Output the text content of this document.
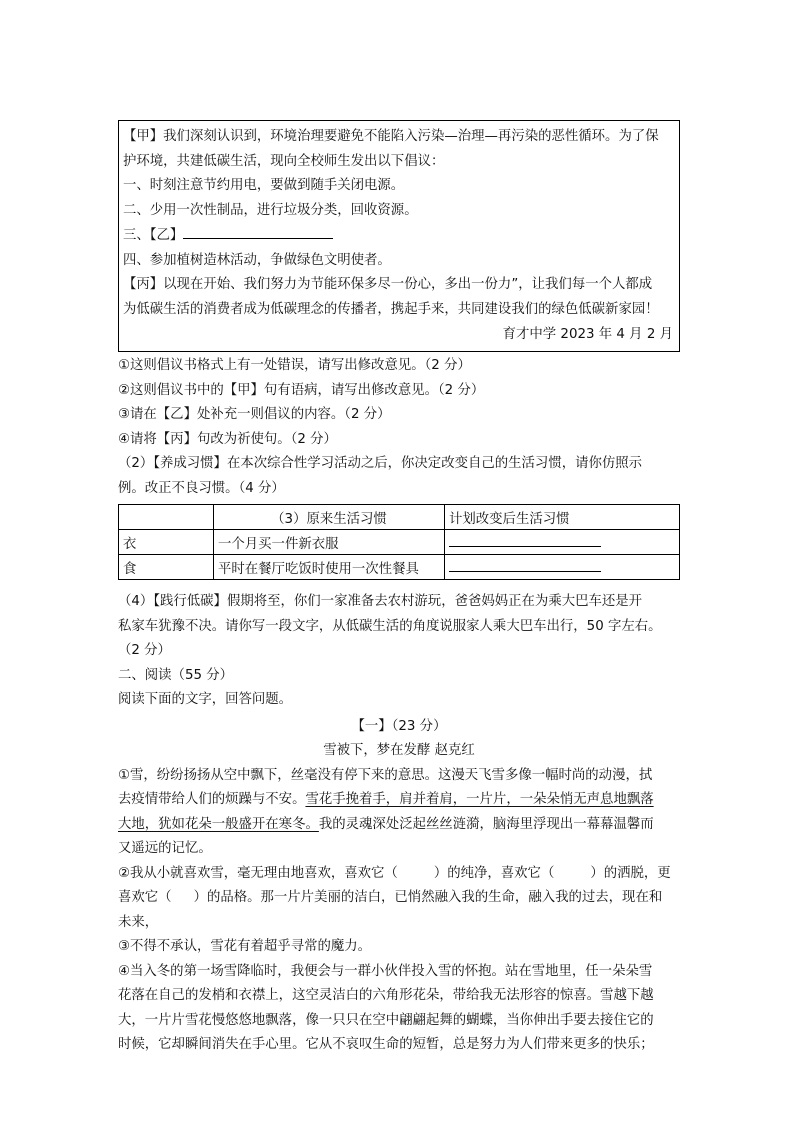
【甲】我们深刻认识到，环境治理要避免不能陷入污染—治理—再污染的恶性循环。为了保
护环境，共建低碳生活，现向全校师生发出以下倡议：
一、时刻注意节约用电，要做到随手关闭电源。
二、少用一次性制品，进行垃圾分类，回收资源。
三、【乙】
四、参加植树造林活动，争做绿色文明使者。
【丙】以现在开始、我们努力为节能环保多尽一份心，多出一份力”，让我们每一个人都成
为低碳生活的消费者成为低碳理念的传播者，携起手来，共同建设我们的绿色低碳新家园！
育才中学 2023 年 4 月 2 月
①这则倡议书格式上有一处错误，请写出修改意见。（2 分）
②这则倡议书中的【甲】句有语病，请写出修改意见。（2 分）
③请在【乙】处补充一则倡议的内容。（2 分）
④请将【丙】句改为祈使句。（2 分）
（2）【养成习惯】在本次综合性学习活动之后，你决定改变自己的生活习惯，请你仿照示
例。改正不良习惯。（4 分）
	（3）原来生活习惯	计划改变后生活习惯
衣	一个月买一件新衣服	
食	平时在餐厅吃饭时使用一次性餐具	
（4）【践行低碳】假期将至，你们一家准备去农村游玩，爸爸妈妈正在为乘大巴车还是开
私家车犹豫不决。请你写一段文字，从低碳生活的角度说服家人乘大巴车出行，50 字左右。
（2 分）
二、阅读（55 分）
阅读下面的文字，回答问题。
【一】（23 分）
雪被下，梦在发酵 赵克红
①雪，纷纷扬扬从空中飘下，丝毫没有停下来的意思。这漫天飞雪多像一幅时尚的动漫，拭
去疫情带给人们的烦躁与不安。雪花手挽着手，肩并着肩，一片片，一朵朵悄无声息地飘落
大地，犹如花朵一般盛开在寒冬。我的灵魂深处泛起丝丝涟漪，脑海里浮现出一幕幕温馨而
又遥远的记忆。
②我从小就喜欢雪，毫无理由地喜欢，喜欢它（	）的纯净，喜欢它（	）的洒脱，更
喜欢它（ ）的品格。那一片片美丽的洁白，已悄然融入我的生命，融入我的过去，现在和
未来，
③不得不承认，雪花有着超乎寻常的魔力。
④当入冬的第一场雪降临时，我便会与一群小伙伴投入雪的怀抱。站在雪地里，任一朵朵雪
花落在自己的发梢和衣襟上，这空灵洁白的六角形花朵，带给我无法形容的惊喜。雪越下越
大，一片片雪花慢悠悠地飘落，像一只只在空中翩翩起舞的蝴蝶，当你伸出手要去接住它的
时候，它却瞬间消失在手心里。它从不哀叹生命的短暂，总是努力为人们带来更多的快乐；
